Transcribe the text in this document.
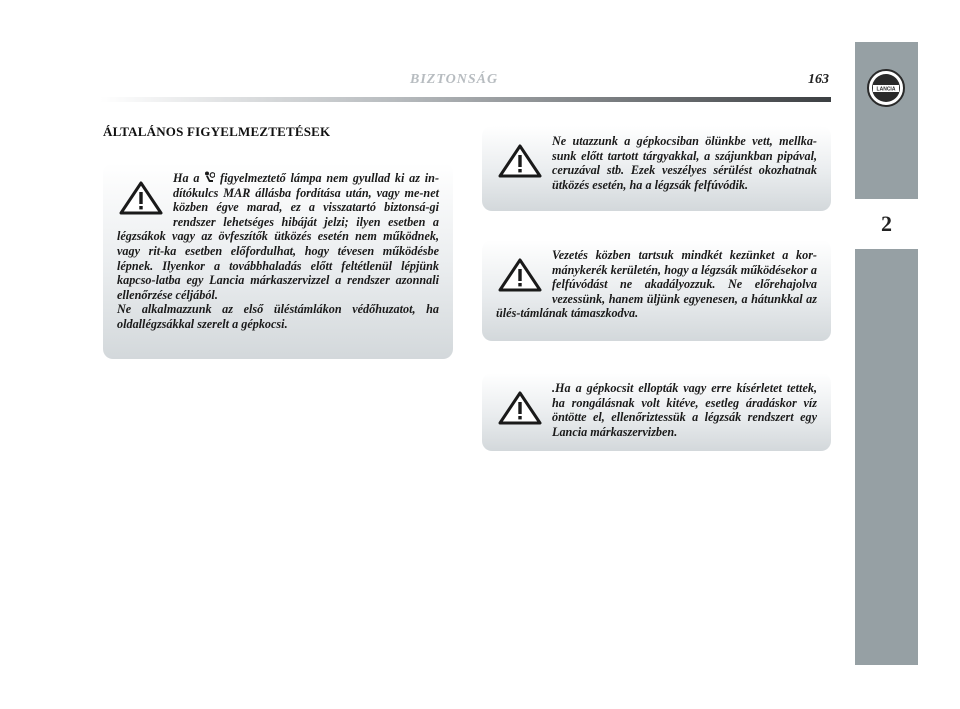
BIZTONSÁG	163
LANCIA
2
ÁLTALÁNOS FIGYELMEZTETÉSEK

Ha a  figyelmeztető lámpa nem gyullad ki az in-dítókulcs MAR állásba fordítása után, vagy me-net közben égve marad, ez a visszatartó biztonsá-gi rendszer lehetséges hibáját jelzi; ilyen esetben a légzsákok vagy az övfeszítők ütközés esetén nem működnek, vagy rit-ka esetben előfordulhat, hogy tévesen működésbe lépnek. Ilyenkor a továbbhaladás előtt feltétlenül lépjünk kapcso-latba egy Lancia márkaszervizzel a rendszer azonnali ellenőrzése céljából.

Ne alkalmazzunk az első üléstámlákon védőhuzatot, ha oldallégzsákkal szerelt a gépkocsi.

Ne utazzunk a gépkocsiban ölünkbe vett, mellka-sunk előtt tartott tárgyakkal, a szájunkban pipával, ceruzával stb. Ezek veszélyes sérülést okozhatnak ütközés esetén, ha a légzsák felfúvódik.

Vezetés közben tartsuk mindkét kezünket a kor-mánykerék kerületén, hogy a légzsák működésekor a felfúvódást ne akadályozzuk. Ne előrehajolva vezessünk, hanem üljünk egyenesen, a hátunkkal az ülés-támlának támaszkodva.

.Ha a gépkocsit ellopták vagy erre kísérletet tettek, ha rongálásnak volt kitéve, esetleg áradáskor víz öntötte el, ellenőriztessük a légzsák rendszert egy Lancia márkaszervizben.
